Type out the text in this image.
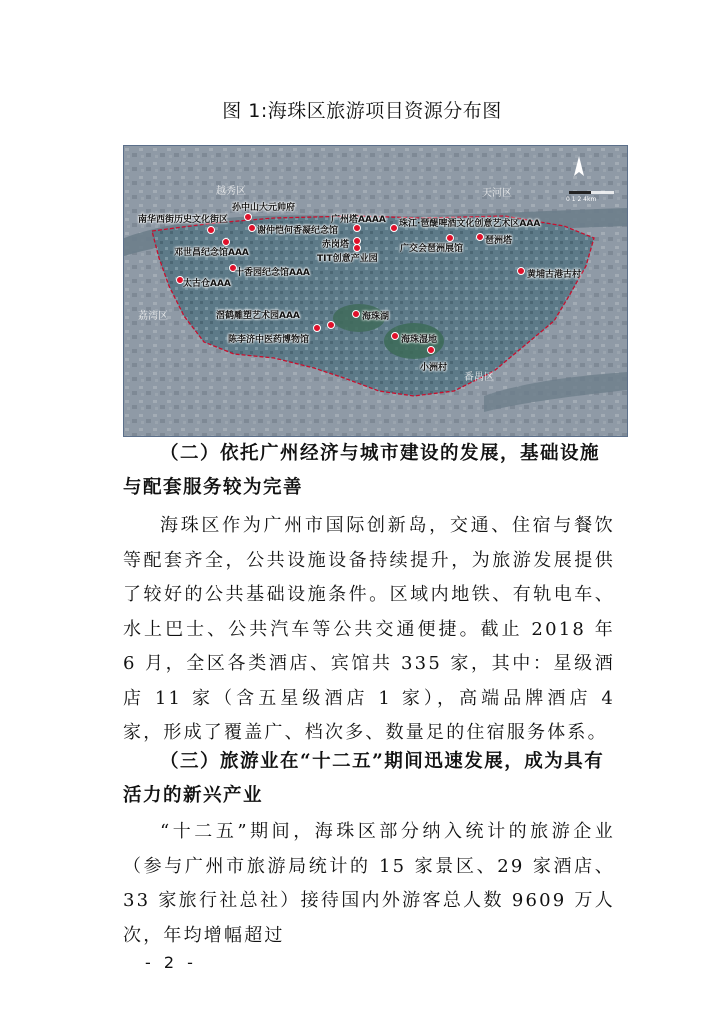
图 1:海珠区旅游项目资源分布图
0 1 2 4km
越秀区	天河区
荔湾区
番禺区
孙中山大元帅府
南华西街历史文化街区
谢仲恺何香凝纪念馆
邓世昌纪念馆AAA
广州塔AAAA
赤岗塔
TIT创意产业园
珠江·琶醍啤酒文化创意艺术区AAA
广交会琶洲展馆
琶洲塔
黄埔古港古村
十香园纪念馆AAA
太古仓AAA
海珠湖
滘鹤雕塑艺术园AAA
陈李济中医药博物馆	海珠湿地
小洲村
（二）依托广州经济与城市建设的发展，基础设施与配套服务较为完善
海珠区作为广州市国际创新岛，交通、住宿与餐饮等配套齐全，公共设施设备持续提升，为旅游发展提供了较好的公共基础设施条件。区域内地铁、有轨电车、水上巴士、公共汽车等公共交通便捷。截止 2018 年 6 月，全区各类酒店、宾馆共 335 家，其中：星级酒店 11 家（含五星级酒店 1 家），高端品牌酒店 4 家，形成了覆盖广、档次多、数量足的住宿服务体系。
（三）旅游业在“十二五”期间迅速发展，成为具有活力的新兴产业
“十二五”期间，海珠区部分纳入统计的旅游企业（参与广州市旅游局统计的 15 家景区、29 家酒店、33 家旅行社总社）接待国内外游客总人数 9609 万人次，年均增幅超过
- 2 -
